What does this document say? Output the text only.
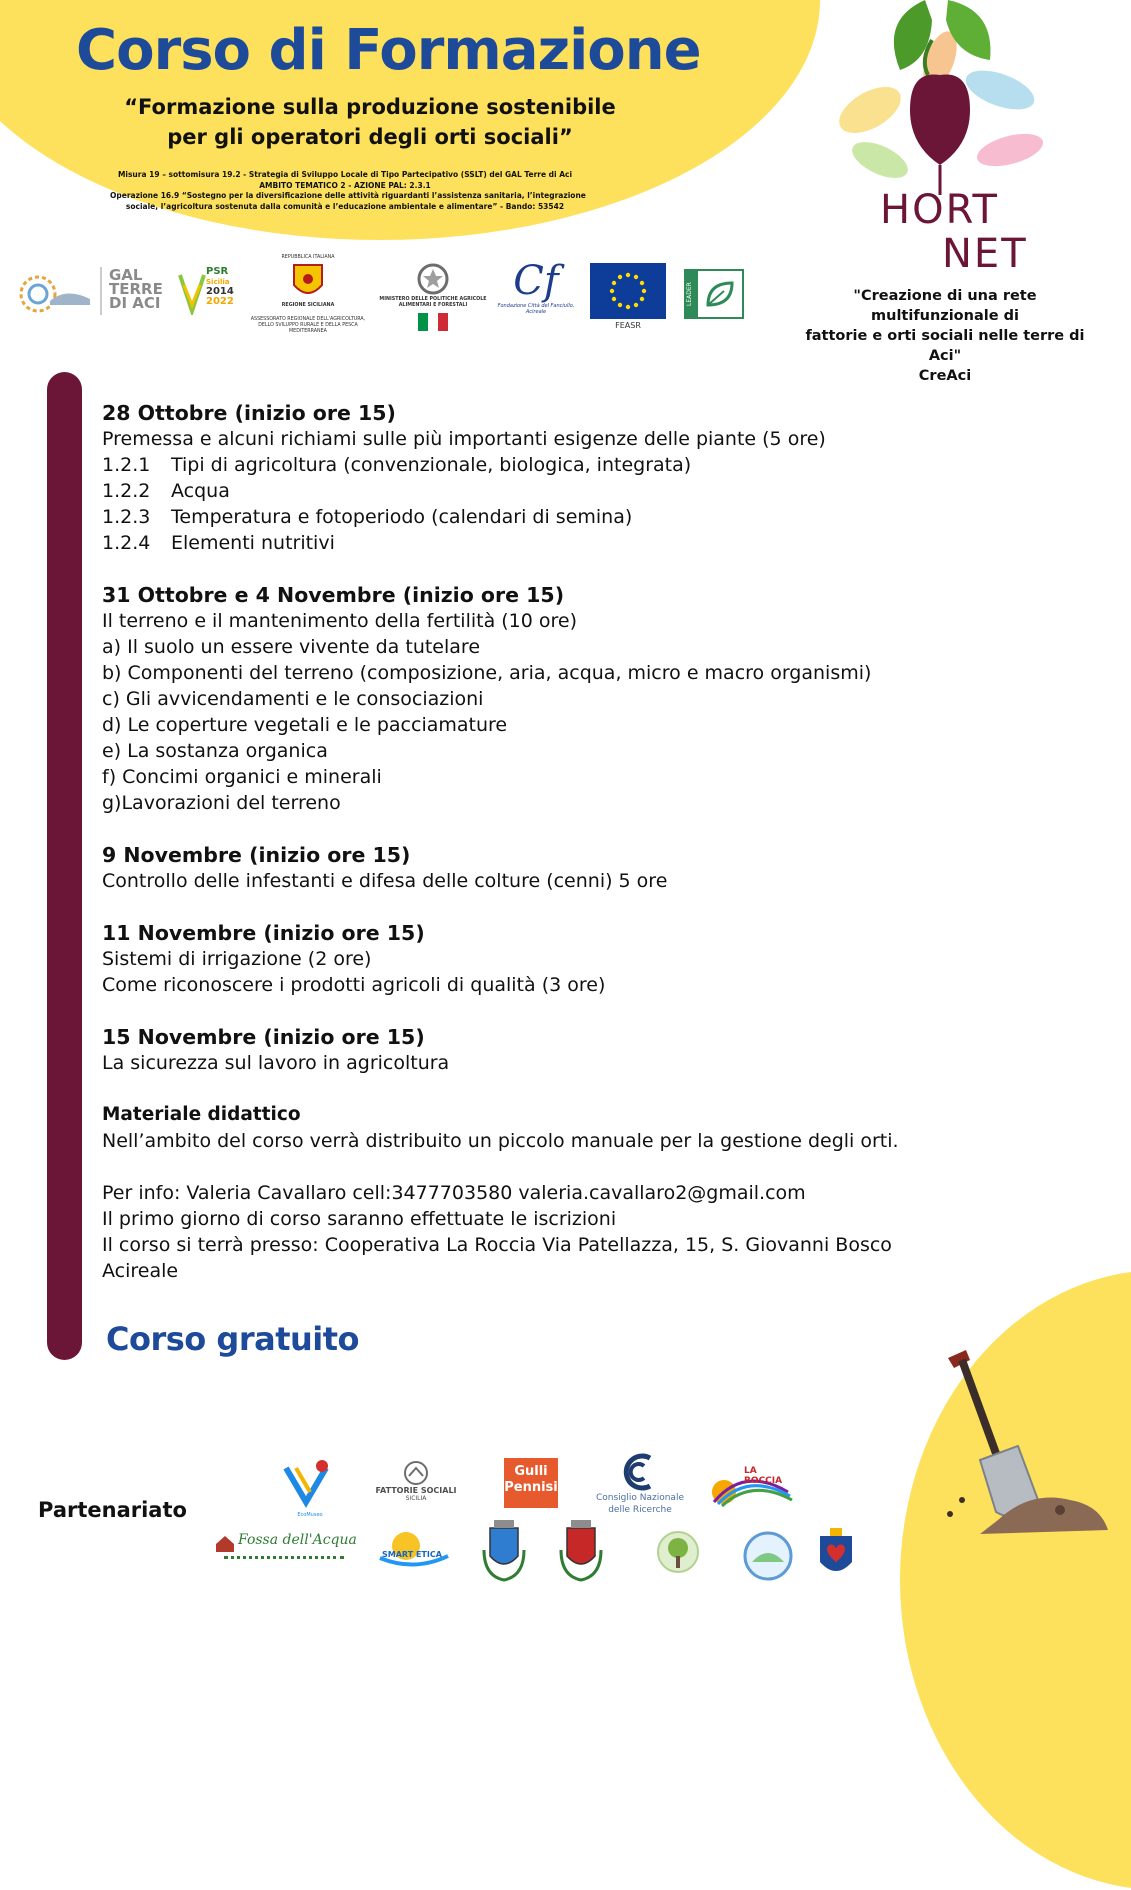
Corso di Formazione
“Formazione sulla produzione sostenibile
per gli operatori degli orti sociali”
Misura 19 – sottomisura 19.2 - Strategia di Sviluppo Locale di Tipo Partecipativo (SSLT) del GAL Terre di Aci
AMBITO TEMATICO 2 - AZIONE PAL: 2.3.1
Operazione 16.9 “Sostegno per la diversificazione delle attività riguardanti l’assistenza sanitaria, l’integrazione
sociale, l’agricoltura sostenuta dalla comunità e l’educazione ambientale e alimentare” - Bando: 53542
GAL
TERRE
DI ACI
PSR
Sicilia
2014
2022
REPUBBLICA ITALIANA
REGIONE SICILIANA
ASSESSORATO REGIONALE DELL'AGRICOLTURA, DELLO SVILUPPO RURALE E DELLA PESCA MEDITERRANEA
MINISTERO DELLE POLITICHE AGRICOLE ALIMENTARI E FORESTALI
Cf
Fondazione Città del Fanciullo, Acireale
FEASR
LEADER
HORT
NET
"Creazione di una rete multifunzionale di
fattorie e orti sociali nelle terre di Aci"
CreAci
28 Ottobre (inizio ore 15)
Premessa e alcuni richiami sulle più importanti esigenze delle piante (5 ore)
1.2.1 Tipi di agricoltura (convenzionale, biologica, integrata)
1.2.2 Acqua
1.2.3 Temperatura e fotoperiodo (calendari di semina)
1.2.4 Elementi nutritivi
31 Ottobre e 4 Novembre (inizio ore 15)
Il terreno e il mantenimento della fertilità (10 ore)
a) Il suolo un essere vivente da tutelare
b) Componenti del terreno (composizione, aria, acqua, micro e macro organismi)
c) Gli avvicendamenti e le consociazioni
d) Le coperture vegetali e le pacciamature
e) La sostanza organica
f) Concimi organici e minerali
g)Lavorazioni del terreno
9 Novembre (inizio ore 15)
Controllo delle infestanti e difesa delle colture (cenni) 5 ore
11 Novembre (inizio ore 15)
Sistemi di irrigazione (2 ore)
Come riconoscere i prodotti agricoli di qualità (3 ore)
15 Novembre (inizio ore 15)
La sicurezza sul lavoro in agricoltura
Materiale didattico
Nell’ambito del corso verrà distribuito un piccolo manuale per la gestione degli orti.
Per info: Valeria Cavallaro cell:3477703580 valeria.cavallaro2@gmail.com
Il primo giorno di corso saranno effettuate le iscrizioni
Il corso si terrà presso: Cooperativa La Roccia Via Patellazza, 15, S. Giovanni Bosco
Acireale
Corso gratuito
Partenariato	EcoMuseo
FATTORIE SOCIALI
SICILIA
Gulli
Pennisi
Consiglio Nazionale
delle Ricerche
LA ROCCIA
Fossa dell'Acqua
SMART ETICA
